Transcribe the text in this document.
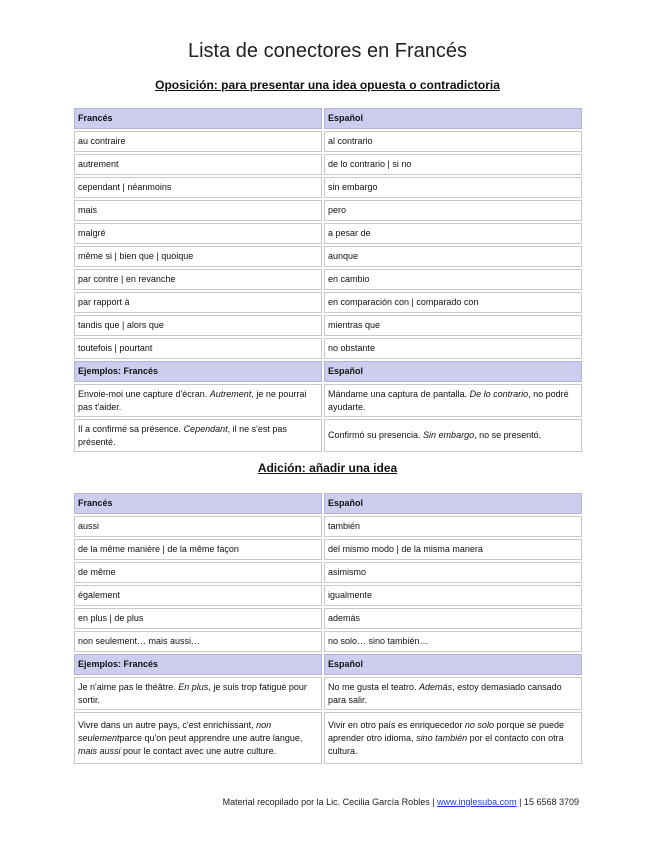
Lista de conectores en Francés
Oposición: para presentar una idea opuesta o contradictoria
Francés	Español
au contraire	al contrario
autrement	de lo contrario | si no
cependant | néanmoins	sin embargo
mais	pero
malgré	a pesar de
même si | bien que | quoique	aunque
par contre | en revanche	en cambio
par rapport à	en comparación con | comparado con
tandis que | alors que	mientras que
toutefois | pourtant	no obstante
Ejemplos: Francés	Español
Envoie-moi une capture d'écran. Autrement, je ne pourrai pas t'aider.	Mándame una captura de pantalla. De lo contrario, no podré ayudarte.
Il a confirmé sa présence. Cependant, il ne s'est pas présenté.	Confirmó su presencia. Sin embargo, no se presentó.
Adición: añadir una idea
Francés	Español
aussi	también
de la même manière | de la même façon	del mismo modo | de la misma manera
de même	asimismo
également	igualmente
en plus | de plus	además
non seulement… mais aussi…	no solo… sino también…
Ejemplos: Francés	Español
Je n'aime pas le théâtre. En plus, je suis trop fatigué pour sortir.	No me gusta el teatro. Además, estoy demasiado cansado para salir.
Vivre dans un autre pays, c'est enrichissant, non seulementparce qu'on peut apprendre une autre langue, mais aussi pour le contact avec une autre culture.	Vivir en otro país es enriquecedor no solo porque se puede aprender otro idioma, sino también por el contacto con otra cultura.
Material recopilado por la Lic. Cecilia García Robles | www.inglesuba.com | 15 6568 3709
